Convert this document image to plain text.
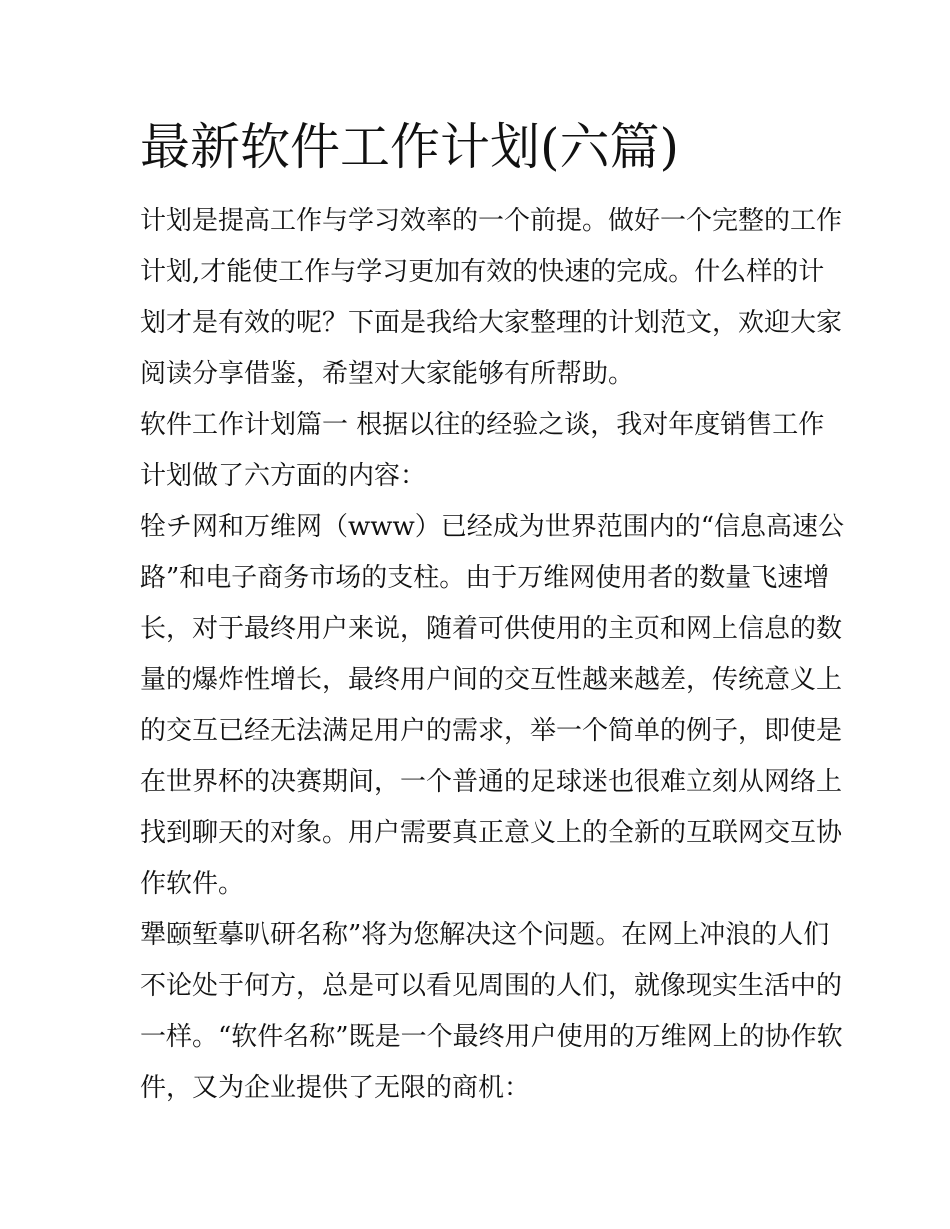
最新软件工作计划(六篇)
计划是提高工作与学习效率的一个前提。做好一个完整的工作
计划,才能使工作与学习更加有效的快速的完成。什么样的计
划才是有效的呢？下面是我给大家整理的计划范文，欢迎大家
阅读分享借鉴，希望对大家能够有所帮助。
软件工作计划篇一 根据以往的经验之谈，我对年度销售工作
计划做了六方面的内容：
牷チ网和万维网（www）已经成为世界范围内的“信息高速公
路”和电子商务市场的支柱。由于万维网使用者的数量飞速增
长，对于最终用户来说，随着可供使用的主页和网上信息的数
量的爆炸性增长，最终用户间的交互性越来越差，传统意义上
的交互已经无法满足用户的需求，举一个简单的例子，即使是
在世界杯的决赛期间，一个普通的足球迷也很难立刻从网络上
找到聊天的对象。用户需要真正意义上的全新的互联网交互协
作软件。
犟颐堑摹叭研名称”将为您解决这个问题。在网上冲浪的人们
不论处于何方，总是可以看见周围的人们，就像现实生活中的
一样。“软件名称”既是一个最终用户使用的万维网上的协作软
件，又为企业提供了无限的商机：
